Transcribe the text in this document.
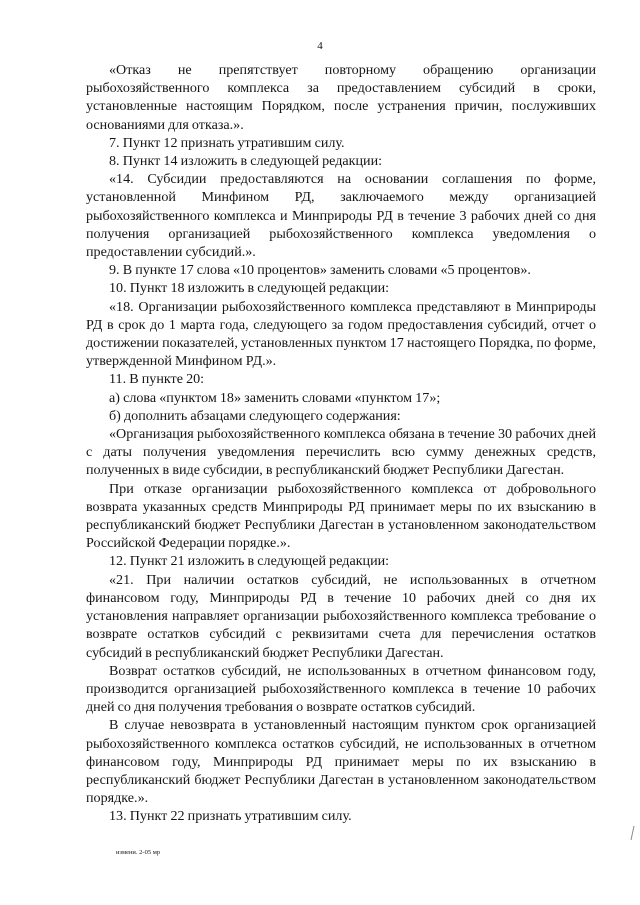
4

«Отказ не препятствует повторному обращению организации рыбохозяйственного комплекса за предоставлением субсидий в сроки, установленные настоящим Порядком, после устранения причин, послуживших основаниями для отказа.».

7. Пункт 12 признать утратившим силу.

8. Пункт 14 изложить в следующей редакции:

«14. Субсидии предоставляются на основании соглашения по форме, установленной Минфином РД, заключаемого между организацией рыбохозяйственного комплекса и Минприроды РД в течение 3 рабочих дней со дня получения организацией рыбохозяйственного комплекса уведомления о предоставлении субсидий.».

9. В пункте 17 слова «10 процентов» заменить словами «5 процентов».

10. Пункт 18 изложить в следующей редакции:

«18. Организации рыбохозяйственного комплекса представляют в Минприроды РД в срок до 1 марта года, следующего за годом предоставления субсидий, отчет о достижении показателей, установленных пунктом 17 настоящего Порядка, по форме, утвержденной Минфином РД.».

11. В пункте 20:

а) слова «пунктом 18» заменить словами «пунктом 17»;

б) дополнить абзацами следующего содержания:

«Организация рыбохозяйственного комплекса обязана в течение 30 рабочих дней с даты получения уведомления перечислить всю сумму денежных средств, полученных в виде субсидии, в республиканский бюджет Республики Дагестан.

При отказе организации рыбохозяйственного комплекса от добровольного возврата указанных средств Минприроды РД принимает меры по их взысканию в республиканский бюджет Республики Дагестан в установленном законодательством Российской Федерации порядке.».

12. Пункт 21 изложить в следующей редакции:

«21. При наличии остатков субсидий, не использованных в отчетном финансовом году, Минприроды РД в течение 10 рабочих дней со дня их установления направляет организации рыбохозяйственного комплекса требование о возврате остатков субсидий с реквизитами счета для перечисления остатков субсидий в республиканский бюджет Республики Дагестан.

Возврат остатков субсидий, не использованных в отчетном финансовом году, производится организацией рыбохозяйственного комплекса в течение 10 рабочих дней со дня получения требования о возврате остатков субсидий.

В случае невозврата в установленный настоящим пунктом срок организацией рыбохозяйственного комплекса остатков субсидий, не использованных в отчетном финансовом году, Минприроды РД принимает меры по их взысканию в республиканский бюджет Республики Дагестан в установленном законодательством порядке.».

13. Пункт 22 признать утратившим силу.

измени. 2-05 мр
